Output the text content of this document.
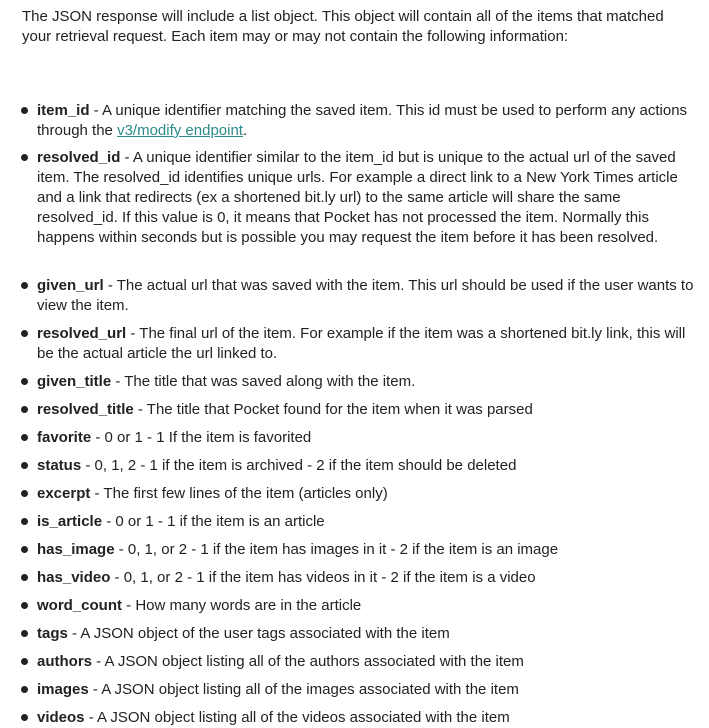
The JSON response will include a list object. This object will contain all of the items that matched your retrieval request. Each item may or may not contain the following information:

item_id - A unique identifier matching the saved item. This id must be used to perform any actions through the v3/modify endpoint.
resolved_id - A unique identifier similar to the item_id but is unique to the actual url of the saved item. The resolved_id identifies unique urls. For example a direct link to a New York Times article and a link that redirects (ex a shortened bit.ly url) to the same article will share the same resolved_id. If this value is 0, it means that Pocket has not processed the item. Normally this happens within seconds but is possible you may request the item before it has been resolved.
given_url - The actual url that was saved with the item. This url should be used if the user wants to view the item.
resolved_url - The final url of the item. For example if the item was a shortened bit.ly link, this will be the actual article the url linked to.
given_title - The title that was saved along with the item.
resolved_title - The title that Pocket found for the item when it was parsed
favorite - 0 or 1 - 1 If the item is favorited
status - 0, 1, 2 - 1 if the item is archived - 2 if the item should be deleted
excerpt - The first few lines of the item (articles only)
is_article - 0 or 1 - 1 if the item is an article
has_image - 0, 1, or 2 - 1 if the item has images in it - 2 if the item is an image
has_video - 0, 1, or 2 - 1 if the item has videos in it - 2 if the item is a video
word_count - How many words are in the article
tags - A JSON object of the user tags associated with the item
authors - A JSON object listing all of the authors associated with the item
images - A JSON object listing all of the images associated with the item
videos - A JSON object listing all of the videos associated with the item
